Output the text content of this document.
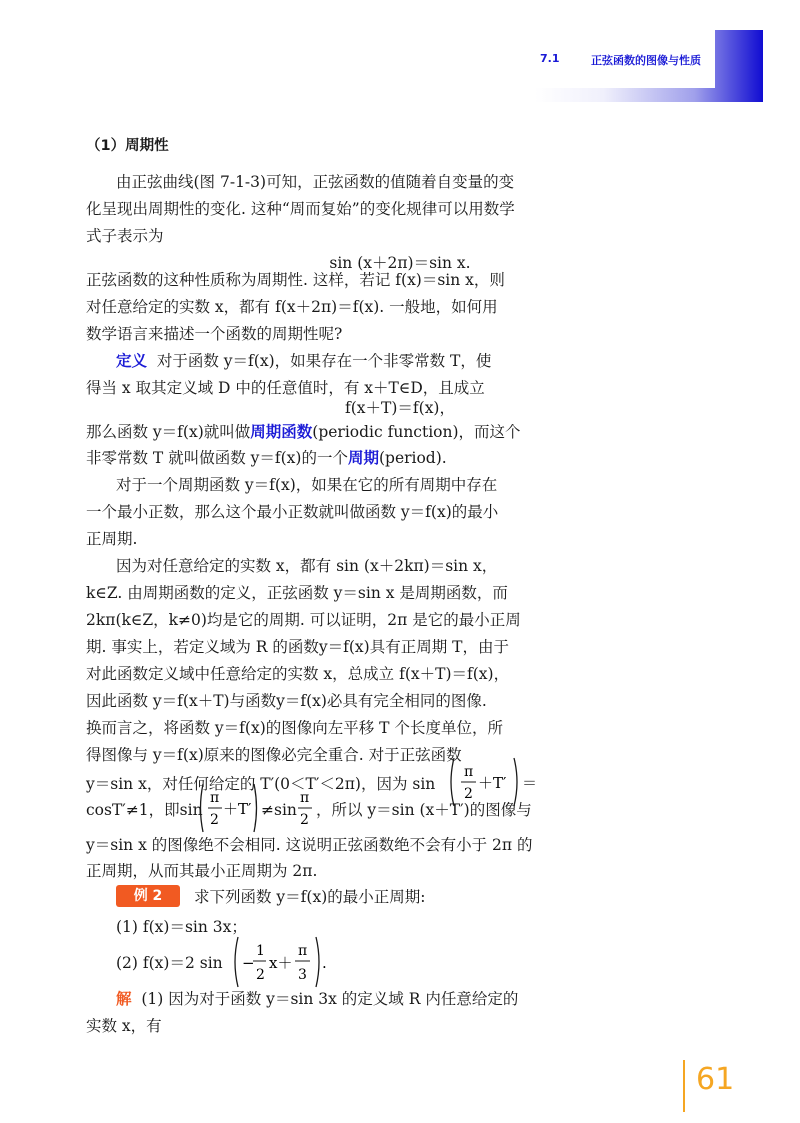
7.1	正弦函数的图像与性质
（1）周期性
由正弦曲线(图 7-1-3)可知，正弦函数的值随着自变量的变
化呈现出周期性的变化. 这种“周而复始”的变化规律可以用数学
式子表示为
sin (x＋2π)＝sin x.
正弦函数的这种性质称为周期性. 这样，若记 f(x)＝sin x，则
对任意给定的实数 x，都有 f(x＋2π)＝f(x). 一般地，如何用
数学语言来描述一个函数的周期性呢?
定义 对于函数 y＝f(x)，如果存在一个非零常数 T，使
得当 x 取其定义域 D 中的任意值时，有 x＋T∈D，且成立
f(x＋T)＝f(x)，
那么函数 y＝f(x)就叫做周期函数(periodic function)，而这个
非零常数 T 就叫做函数 y＝f(x)的一个周期(period).
对于一个周期函数 y＝f(x)，如果在它的所有周期中存在
一个最小正数，那么这个最小正数就叫做函数 y＝f(x)的最小
正周期.
因为对任意给定的实数 x，都有 sin (x＋2kπ)＝sin x，
k∈Z. 由周期函数的定义，正弦函数 y＝sin x 是周期函数，而
2kπ(k∈Z，k≠0)均是它的周期. 可以证明，2π 是它的最小正周
期. 事实上，若定义域为 R 的函数y＝f(x)具有正周期 T，由于
对此函数定义域中任意给定的实数 x，总成立 f(x＋T)＝f(x)，
因此函数 y＝f(x＋T)与函数y＝f(x)必具有完全相同的图像.
换而言之，将函数 y＝f(x)的图像向左平移 T 个长度单位，所
得图像与 y＝f(x)原来的图像必完全重合. 对于正弦函数
y＝sin x，对任何给定的 T′(0＜T′＜2π)，因为 sin
π
2
＋T′ ＝
cosT′≠1，即sin
π
2
＋T′ ≠sin
π
2
，所以 y＝sin (x＋T′)的图像与
y＝sin x 的图像绝不会相同. 这说明正弦函数绝不会有小于 2π 的
正周期，从而其最小正周期为 2π.
例 2	求下列函数 y＝f(x)的最小正周期:
(1) f(x)＝sin 3x；
(2) f(x)＝2 sin −
1
2
x＋
π
3
.
解 (1) 因为对于函数 y＝sin 3x 的定义域 R 内任意给定的
实数 x，有
61
